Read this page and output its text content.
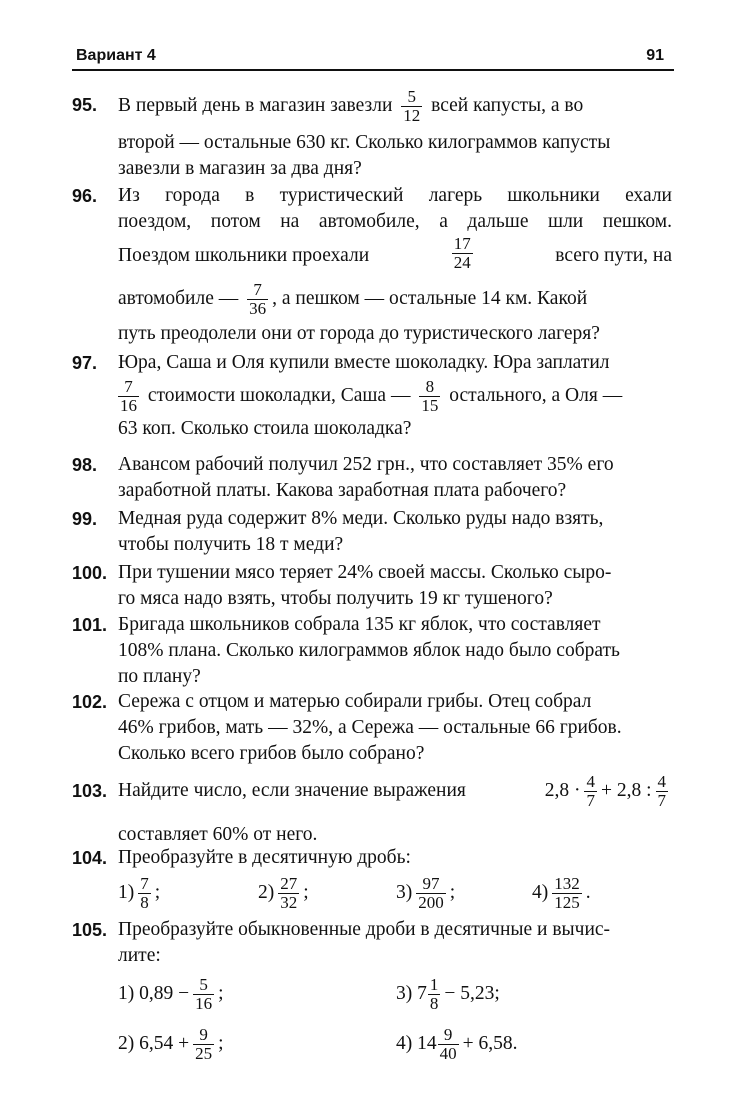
Вариант 4	91
95. В первый день в магазин завезли $\frac{5}{12}$ всей капусты, а во
второй — остальные 630 кг. Сколько килограммов капусты
завезли в магазин за два дня?
96. Из города в туристический лагерь школьники ехали
поездом, потом на автомобиле, а дальше шли пешком.
Поездом школьники проехали	$\frac{17}{24}$	всего пути, на
автомобиле — $\frac{7}{36}$ , а пешком — остальные 14 км. Какой
путь преодолели они от города до туристического лагеря?
97. Юра, Саша и Оля купили вместе шоколадку. Юра заплатил
$\frac{7}{16}$ стоимости шоколадки, Саша — $\frac{8}{15}$ остального, а Оля —
63 коп. Сколько стоила шоколадка?
98. Авансом рабочий получил 252 грн., что составляет 35% его
заработной платы. Какова заработная плата рабочего?
99. Медная руда содержит 8% меди. Сколько руды надо взять,
чтобы получить 18 т меди?
100. При тушении мясо теряет 24% своей массы. Сколько сыро-
го мяса надо взять, чтобы получить 19 кг тушеного?
101. Бригада школьников собрала 135 кг яблок, что составляет
108% плана. Сколько килограммов яблок надо было собрать
по плану?
102. Сережа с отцом и матерью собирали грибы. Отец собрал
46% грибов, мать — 32%, а Сережа — остальные 66 грибов.
Сколько всего грибов было собрано?
103. Найдите число, если значение выражения	$2,8 \cdot \frac{4}{7} + 2,8$ : $\frac{4}{7}$
составляет 60% от него.
104. Преобразуйте в десятичную дробь:
$1) \frac{7}{8}$ ;	$2) \frac{27}{32}$ ;	$3) \frac{97}{200}$ ;	$4) \frac{132}{125}$ .
105. Преобразуйте обыкновенные дроби в десятичные и вычис-
лите:
1) $0,89 - \frac{5}{16}$ ;	3) $7 \frac{1}{8} - 5,23$;
2) $6,54 + \frac{9}{25}$ ;	4) $14 \frac{9}{40} + 6,58$.
